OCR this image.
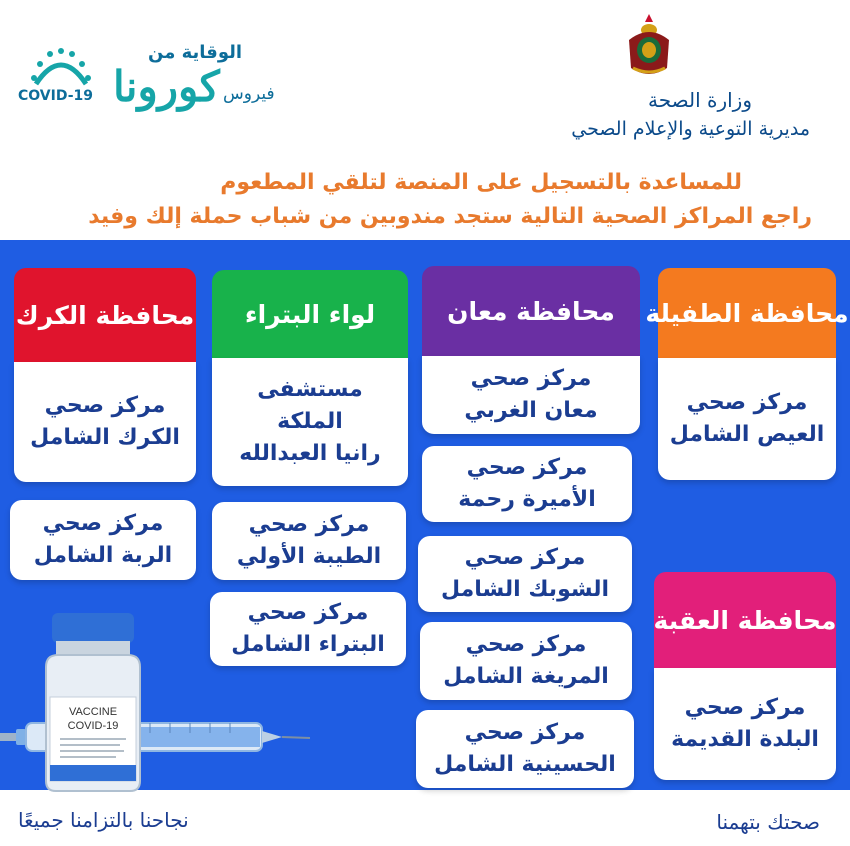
وزارة الصحة
مديرية التوعية والإعلام الصحي
الوقاية من
COVID-19 كورونا فيروس
للمساعدة بالتسجيل على المنصة لتلقي المطعوم
راجع المراكز الصحية التالية ستجد مندوبين من شباب حملة إلك وفيد
محافظة الطفيلة
مركز صحي
العيص الشامل
محافظة معان
مركز صحي
معان الغربي
مركز صحي
الأميرة رحمة
مركز صحي
الشوبك الشامل
مركز صحي
المريغة الشامل
مركز صحي
الحسينية الشامل
لواء البتراء
مستشفى
الملكة
رانيا العبدالله
مركز صحي
الطيبة الأولي
مركز صحي
البتراء الشامل
محافظة الكرك
مركز صحي
الكرك الشامل
مركز صحي
الربة الشامل
محافظة العقبة
مركز صحي
البلدة القديمة
VACCINE
COVID-19
نجاحنا بالتزامنا جميعًا	صحتك بتهمنا
